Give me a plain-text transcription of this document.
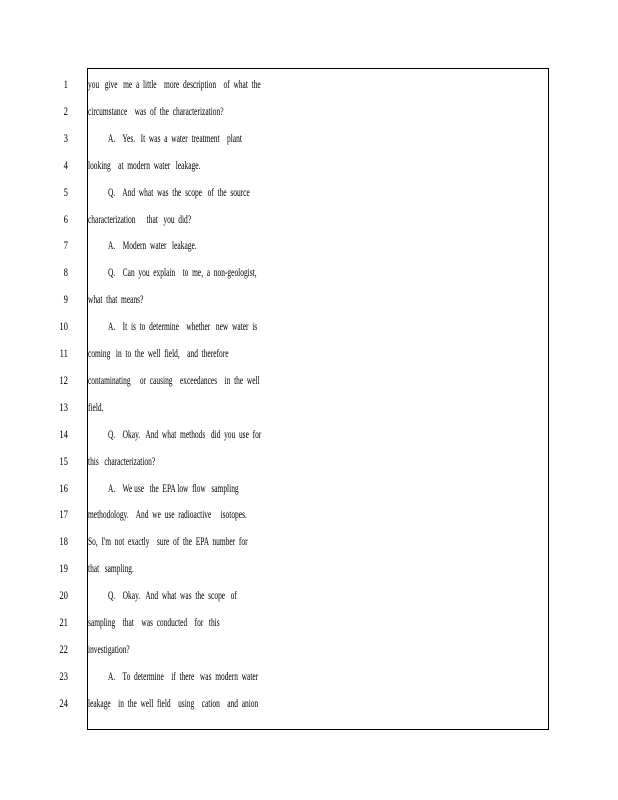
1 you   give   me  a  little    more  description    of  what  the
2 circumstance    was  of  the  characterization?
3	A.    Yes.   It  was  a  water  treatment    plant
4 looking    at  modern  water   leakage.
5	Q.    And  what  was  the  scope   of  the  source
6 characterization      that   you  did?
7	A.    Modern  water   leakage.
8	Q.    Can  you  explain    to  me,  a  non-geologist,
9 what  that  means?
10	A.    It  is  to  determine    whether   new  water  is
11 coming   in  to  the  well  field,    and  therefore
12 contaminating     or  causing    exceedances    in  the  well
13 field.
14	Q.    Okay.   And  what  methods   did  you  use  for
15 this   characterization?
16	A.    We use   the  EPA low  flow   sampling
17 methodology.    And  we  use  radioactive     isotopes.
18 So,  I'm  not  exactly    sure  of  the  EPA  number  for
19 that   sampling.
20	Q.    Okay.   And  what  was  the  scope   of
21 sampling    that    was  conducted    for   this
22 investigation?
23	A.    To  determine    if  there   was  modern  water
24 leakage    in  the  well  field    using    cation    and  anion
